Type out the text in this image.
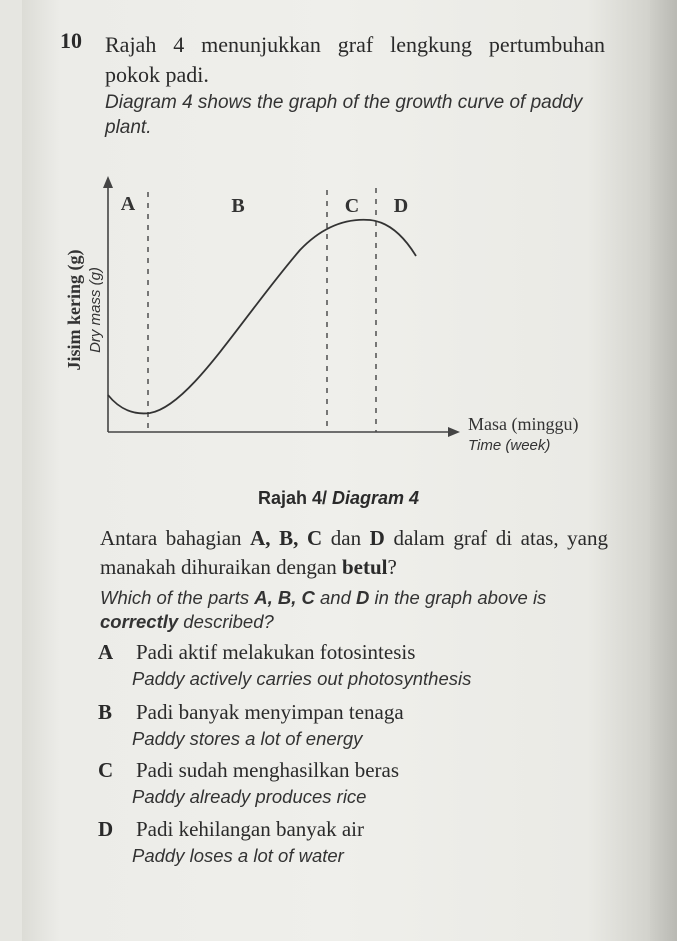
10 Rajah 4 menunjukkan graf lengkung pertumbuhan pokok padi.
Diagram 4 shows the graph of the growth curve of paddy plant.
A	B	C D
Jisim kering (g) Dry mass (g)
Masa (minggu)
Time (week)
Rajah 4/ Diagram 4
Antara bahagian A, B, C dan D dalam graf di atas, yang manakah dihuraikan dengan betul?
Which of the parts A, B, C and D in the graph above is correctly described?
A Padi aktif melakukan fotosintesis
Paddy actively carries out photosynthesis
B Padi banyak menyimpan tenaga
Paddy stores a lot of energy
C Padi sudah menghasilkan beras
Paddy already produces rice
D Padi kehilangan banyak air
Paddy loses a lot of water
